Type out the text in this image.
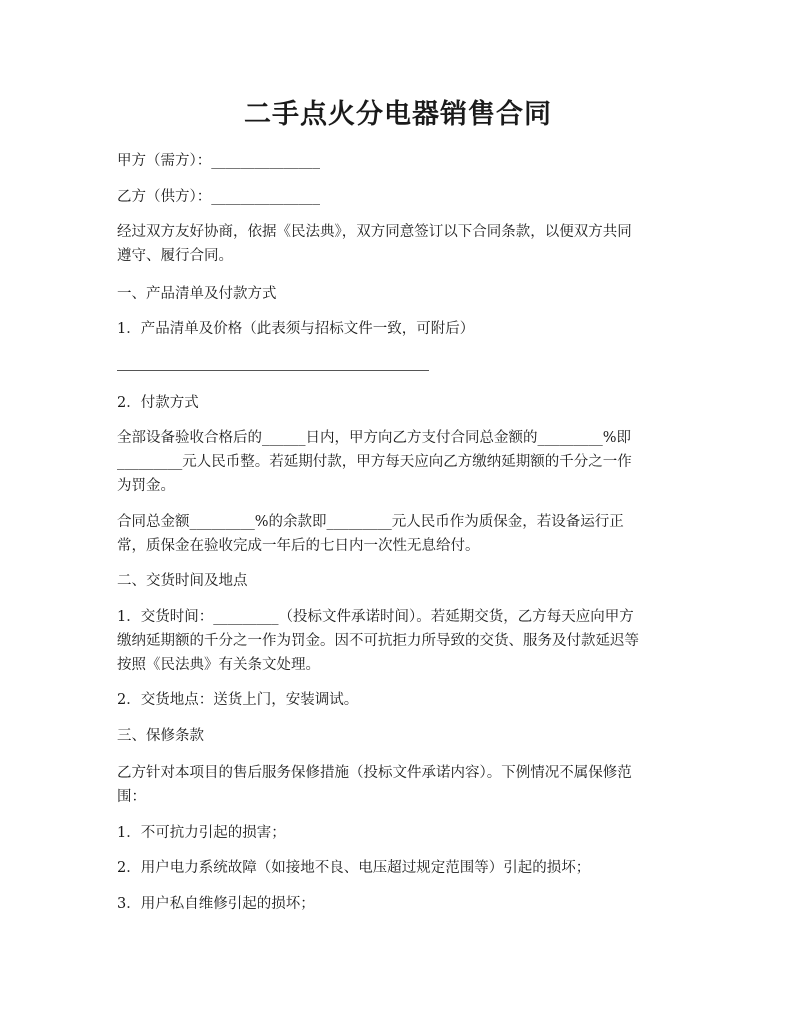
二手点火分电器销售合同
甲方（需方）：_______________
乙方（供方）：_______________
经过双方友好协商，依据《民法典》，双方同意签订以下合同条款，以便双方共同
遵守、履行合同。
一、产品清单及付款方式
1．产品清单及价格（此表须与招标文件一致，可附后）
2．付款方式
全部设备验收合格后的______日内，甲方向乙方支付合同总金额的_________%即
_________元人民币整。若延期付款，甲方每天应向乙方缴纳延期额的千分之一作
为罚金。
合同总金额_________%的余款即_________元人民币作为质保金，若设备运行正
常，质保金在验收完成一年后的七日内一次性无息给付。
二、交货时间及地点
1．交货时间：_________（投标文件承诺时间）。若延期交货，乙方每天应向甲方
缴纳延期额的千分之一作为罚金。因不可抗拒力所导致的交货、服务及付款延迟等
按照《民法典》有关条文处理。
2．交货地点：送货上门，安装调试。
三、保修条款
乙方针对本项目的售后服务保修措施（投标文件承诺内容）。下例情况不属保修范
围：
1．不可抗力引起的损害；
2．用户电力系统故障（如接地不良、电压超过规定范围等）引起的损坏；
3．用户私自维修引起的损坏；
